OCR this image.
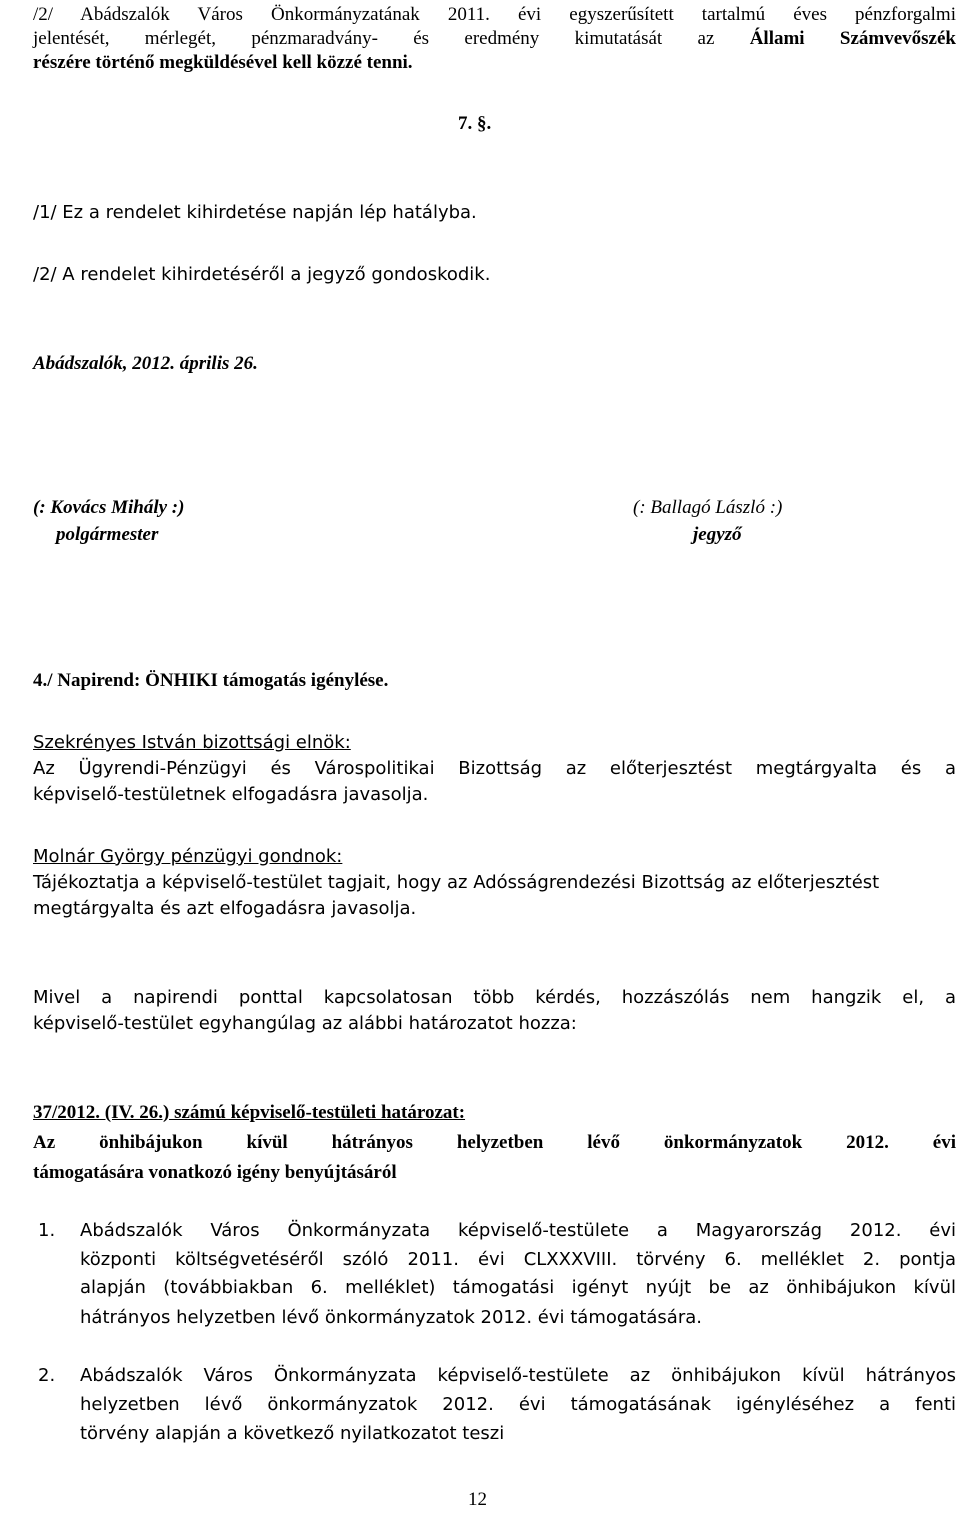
/2/ Abádszalók Város Önkormányzatának 2011. évi egyszerűsített tartalmú éves pénzforgalmi
jelentését, mérlegét, pénzmaradvány- és eredmény kimutatását az Állami Számvevőszék
részére történő megküldésével kell közzé tenni.
7. §.
/1/ Ez a rendelet kihirdetése napján lép hatályba.
/2/ A rendelet kihirdetéséről a jegyző gondoskodik.
Abádszalók, 2012. április 26.
(: Kovács Mihály :)
polgármester
(: Ballagó László :)
jegyző
4./ Napirend: ÖNHIKI támogatás igénylése.
Szekrényes István bizottsági elnök:
Az Ügyrendi-Pénzügyi és Várospolitikai Bizottság az előterjesztést megtárgyalta és a
képviselő-testületnek elfogadásra javasolja.
Molnár György pénzügyi gondnok:
Tájékoztatja a képviselő-testület tagjait, hogy az Adósságrendezési Bizottság az előterjesztést
megtárgyalta és azt elfogadásra javasolja.
Mivel a napirendi ponttal kapcsolatosan több kérdés, hozzászólás nem hangzik el, a
képviselő-testület egyhangúlag az alábbi határozatot hozza:
37/2012. (IV. 26.) számú képviselő-testületi határozat:
Az önhibájukon kívül hátrányos helyzetben lévő önkormányzatok 2012. évi
támogatására vonatkozó igény benyújtásáról
1. Abádszalók Város Önkormányzata képviselő-testülete a Magyarország 2012. évi
központi költségvetéséről szóló 2011. évi CLXXXVIII. törvény 6. melléklet 2. pontja
alapján (továbbiakban 6. melléklet) támogatási igényt nyújt be az önhibájukon kívül
hátrányos helyzetben lévő önkormányzatok 2012. évi támogatására.
2. Abádszalók Város Önkormányzata képviselő-testülete az önhibájukon kívül hátrányos
helyzetben lévő önkormányzatok 2012. évi támogatásának igényléséhez a fenti
törvény alapján a következő nyilatkozatot teszi
12
